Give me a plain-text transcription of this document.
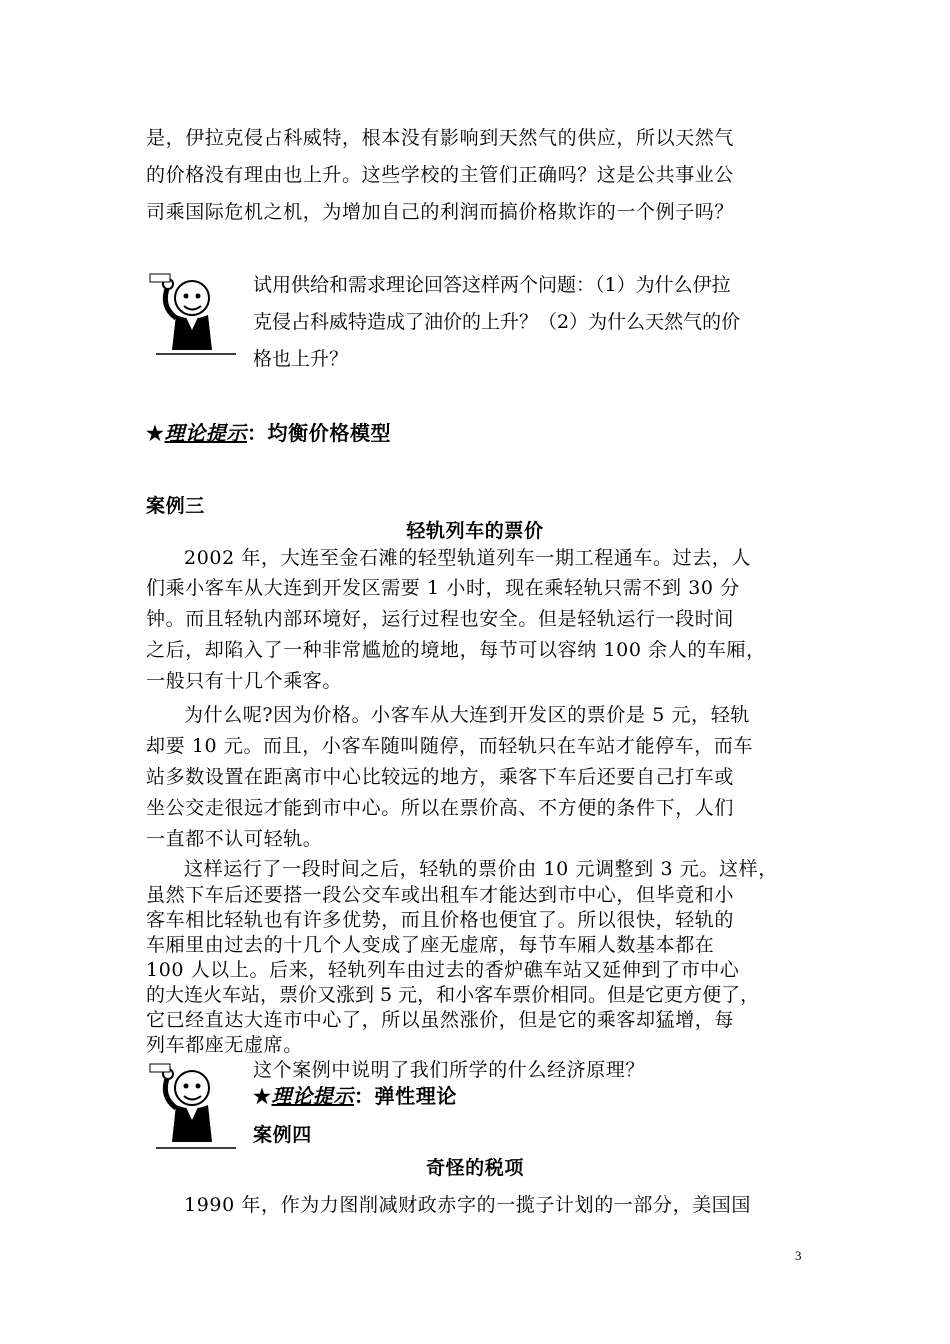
是，伊拉克侵占科威特，根本没有影响到天然气的供应，所以天然气
的价格没有理由也上升。这些学校的主管们正确吗？这是公共事业公
司乘国际危机之机，为增加自己的利润而搞价格欺诈的一个例子吗？
试用供给和需求理论回答这样两个问题：（1）为什么伊拉
克侵占科威特造成了油价的上升？（2）为什么天然气的价
格也上升？
★理论提示：均衡价格模型
案例三
轻轨列车的票价
2002 年，大连至金石滩的轻型轨道列车一期工程通车。过去，人
们乘小客车从大连到开发区需要 1 小时，现在乘轻轨只需不到 30 分
钟。而且轻轨内部环境好，运行过程也安全。但是轻轨运行一段时间
之后，却陷入了一种非常尴尬的境地，每节可以容纳 100 余人的车厢，
一般只有十几个乘客。
为什么呢?因为价格。小客车从大连到开发区的票价是 5 元，轻轨
却要 10 元。而且，小客车随叫随停，而轻轨只在车站才能停车，而车
站多数设置在距离市中心比较远的地方，乘客下车后还要自己打车或
坐公交走很远才能到市中心。所以在票价高、不方便的条件下，人们
一直都不认可轻轨。
这样运行了一段时间之后，轻轨的票价由 10 元调整到 3 元。这样，
虽然下车后还要搭一段公交车或出租车才能达到市中心，但毕竟和小
客车相比轻轨也有许多优势，而且价格也便宜了。所以很快，轻轨的
车厢里由过去的十几个人变成了座无虚席，每节车厢人数基本都在
100 人以上。后来，轻轨列车由过去的香炉礁车站又延伸到了市中心
的大连火车站，票价又涨到 5 元，和小客车票价相同。但是它更方便了，
它已经直达大连市中心了，所以虽然涨价，但是它的乘客却猛增，每
列车都座无虚席。
这个案例中说明了我们所学的什么经济原理？
★理论提示：弹性理论
案例四
奇怪的税项
1990 年，作为力图削减财政赤字的一揽子计划的一部分，美国国
3
